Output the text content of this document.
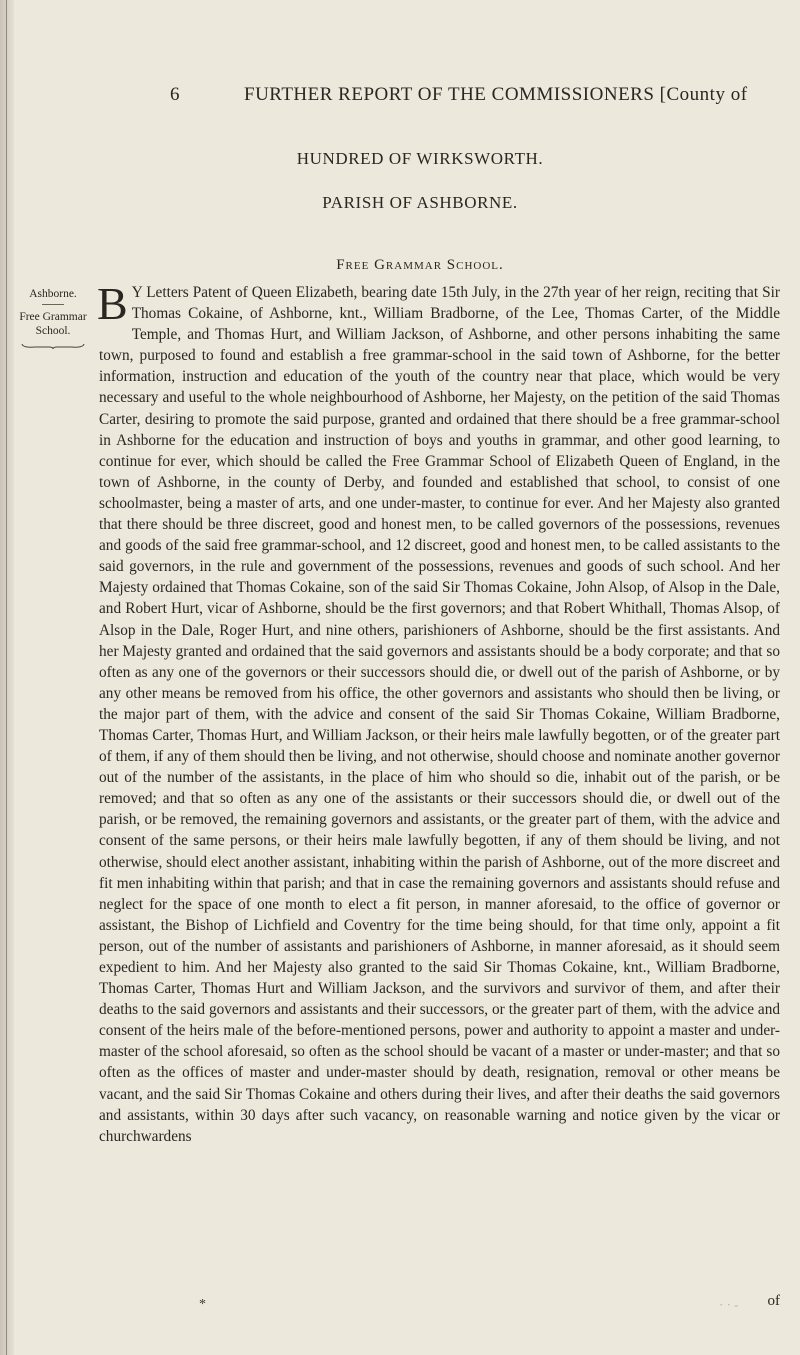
6	FURTHER REPORT OF THE COMMISSIONERS [County of
HUNDRED OF WIRKSWORTH.
PARISH OF ASHBORNE.
Free Grammar School.
Ashborne.
Free Grammar
School.
B Y Letters Patent of Queen Elizabeth, bearing date 15th July, in the 27th year of her reign, reciting that Sir Thomas Cokaine, of Ashborne, knt., William Bradborne, of the Lee, Thomas Carter, of the Middle Temple, and Thomas Hurt, and William Jackson, of Ashborne, and other persons inhabiting the same town, purposed to found and establish a free grammar-school in the said town of Ashborne, for the better information, instruction and education of the youth of the country near that place, which would be very necessary and useful to the whole neighbourhood of Ashborne, her Majesty, on the petition of the said Thomas Carter, desiring to promote the said purpose, granted and ordained that there should be a free grammar-school in Ashborne for the education and instruction of boys and youths in grammar, and other good learning, to continue for ever, which should be called the Free Grammar School of Elizabeth Queen of England, in the town of Ashborne, in the county of Derby, and founded and established that school, to consist of one schoolmaster, being a master of arts, and one under-master, to continue for ever. And her Majesty also granted that there should be three discreet, good and honest men, to be called governors of the possessions, revenues and goods of the said free grammar-school, and 12 discreet, good and honest men, to be called assistants to the said governors, in the rule and government of the possessions, revenues and goods of such school. And her Majesty ordained that Thomas Cokaine, son of the said Sir Thomas Cokaine, John Alsop, of Alsop in the Dale, and Robert Hurt, vicar of Ashborne, should be the first governors; and that Robert Whithall, Thomas Alsop, of Alsop in the Dale, Roger Hurt, and nine others, parishioners of Ashborne, should be the first assistants. And her Majesty granted and ordained that the said governors and assistants should be a body corporate; and that so often as any one of the governors or their successors should die, or dwell out of the parish of Ashborne, or by any other means be removed from his office, the other governors and assistants who should then be living, or the major part of them, with the advice and consent of the said Sir Thomas Cokaine, William Bradborne, Thomas Carter, Thomas Hurt, and William Jackson, or their heirs male lawfully begotten, or of the greater part of them, if any of them should then be living, and not otherwise, should choose and nominate another governor out of the number of the assistants, in the place of him who should so die, inhabit out of the parish, or be removed; and that so often as any one of the assistants or their successors should die, or dwell out of the parish, or be removed, the remaining governors and assistants, or the greater part of them, with the advice and consent of the same persons, or their heirs male lawfully begotten, if any of them should be living, and not otherwise, should elect another assistant, inhabiting within the parish of Ashborne, out of the more discreet and fit men inhabiting within that parish; and that in case the remaining governors and assistants should refuse and neglect for the space of one month to elect a fit person, in manner aforesaid, to the office of governor or assistant, the Bishop of Lichfield and Coventry for the time being should, for that time only, appoint a fit person, out of the number of assistants and parishioners of Ashborne, in manner aforesaid, as it should seem expedient to him. And her Majesty also granted to the said Sir Thomas Cokaine, knt., William Bradborne, Thomas Carter, Thomas Hurt and William Jackson, and the survivors and survivor of them, and after their deaths to the said governors and assistants and their successors, or the greater part of them, with the advice and consent of the heirs male of the before-mentioned persons, power and authority to appoint a master and under-master of the school aforesaid, so often as the school should be vacant of a master or under-master; and that so often as the offices of master and under-master should by death, resignation, removal or other means be vacant, and the said Sir Thomas Cokaine and others during their lives, and after their deaths the said governors and assistants, within 30 days after such vacancy, on reasonable warning and notice given by the vicar or churchwardens
*	· · - of
